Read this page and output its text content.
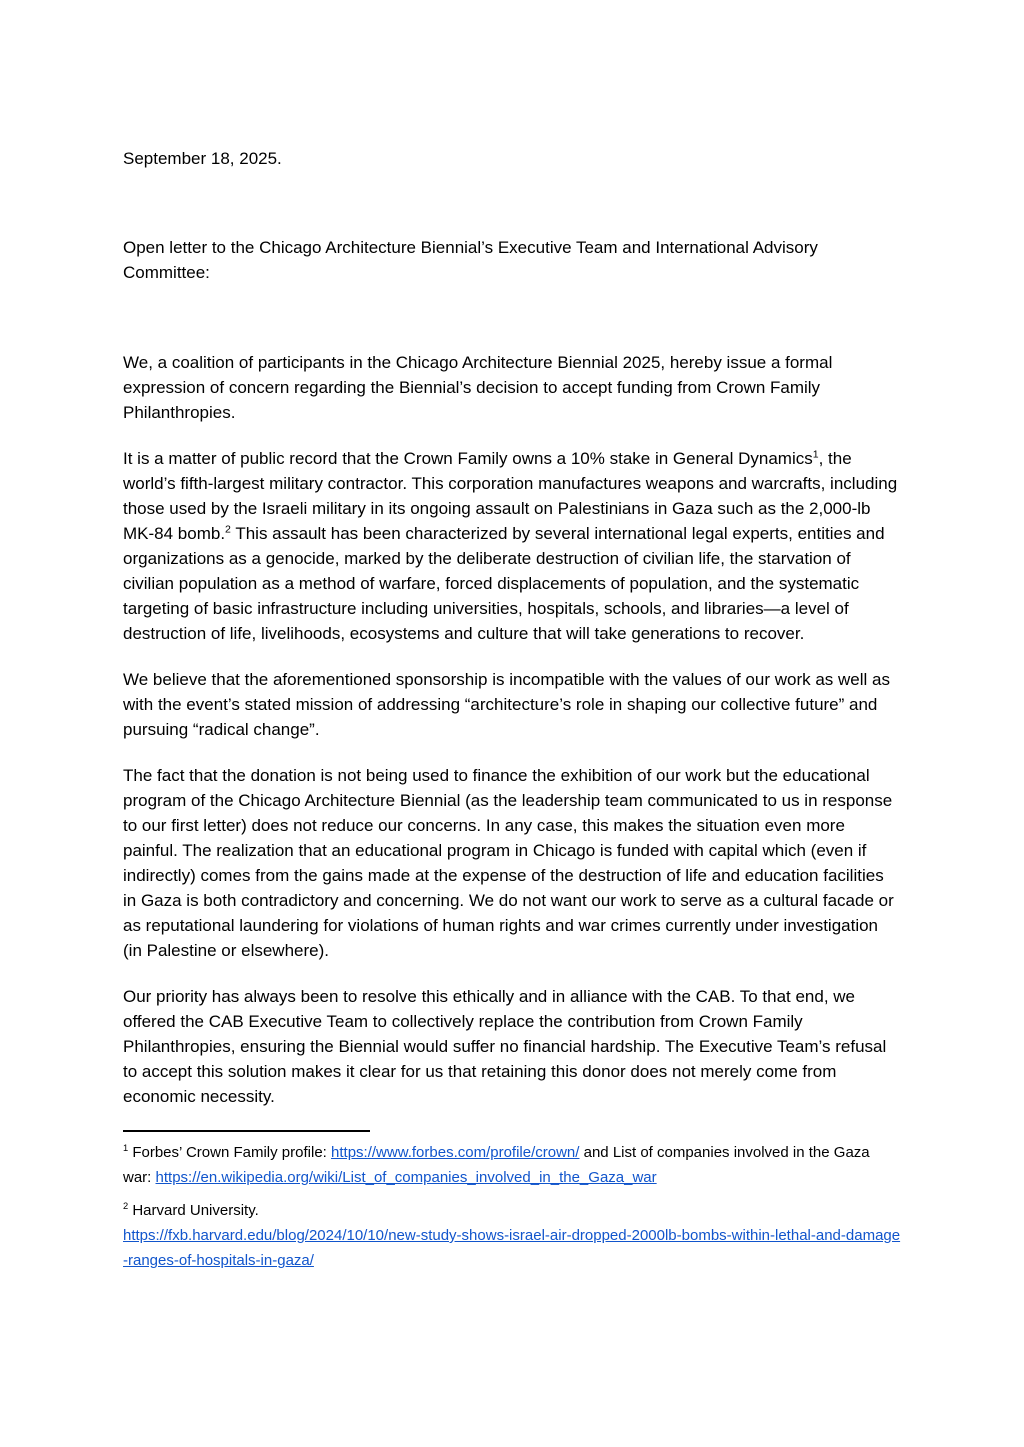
September 18, 2025.

Open letter to the Chicago Architecture Biennial’s Executive Team and International Advisory Committee:

We, a coalition of participants in the Chicago Architecture Biennial 2025, hereby issue a formal expression of concern regarding the Biennial’s decision to accept funding from Crown Family Philanthropies.

It is a matter of public record that the Crown Family owns a 10% stake in General Dynamics$^1$, the world’s fifth-largest military contractor. This corporation manufactures weapons and warcrafts, including those used by the Israeli military in its ongoing assault on Palestinians in Gaza such as the 2,000-lb MK-84 bomb.$^2$ This assault has been characterized by several international legal experts, entities and organizations as a genocide, marked by the deliberate destruction of civilian life, the starvation of civilian population as a method of warfare, forced displacements of population, and the systematic targeting of basic infrastructure including universities, hospitals, schools, and libraries—a level of destruction of life, livelihoods, ecosystems and culture that will take generations to recover.

We believe that the aforementioned sponsorship is incompatible with the values of our work as well as with the event’s stated mission of addressing “architecture’s role in shaping our collective future” and pursuing “radical change”.

The fact that the donation is not being used to finance the exhibition of our work but the educational program of the Chicago Architecture Biennial (as the leadership team communicated to us in response to our first letter) does not reduce our concerns. In any case, this makes the situation even more painful. The realization that an educational program in Chicago is funded with capital which (even if indirectly) comes from the gains made at the expense of the destruction of life and education facilities in Gaza is both contradictory and concerning. We do not want our work to serve as a cultural facade or as reputational laundering for violations of human rights and war crimes currently under investigation (in Palestine or elsewhere).

Our priority has always been to resolve this ethically and in alliance with the CAB. To that end, we offered the CAB Executive Team to collectively replace the contribution from Crown Family Philanthropies, ensuring the Biennial would suffer no financial hardship. The Executive Team’s refusal to accept this solution makes it clear for us that retaining this donor does not merely come from economic necessity.

$^1$ Forbes’ Crown Family profile: https://www.forbes.com/profile/crown/ and List of companies involved in the Gaza war: https://en.wikipedia.org/wiki/List_of_companies_involved_in_the_Gaza_war

$^2$ Harvard University.
https://fxb.harvard.edu/blog/2024/10/10/new-study-shows-israel-air-dropped-2000lb-bombs-within-lethal-and-damage-ranges-of-hospitals-in-gaza/
